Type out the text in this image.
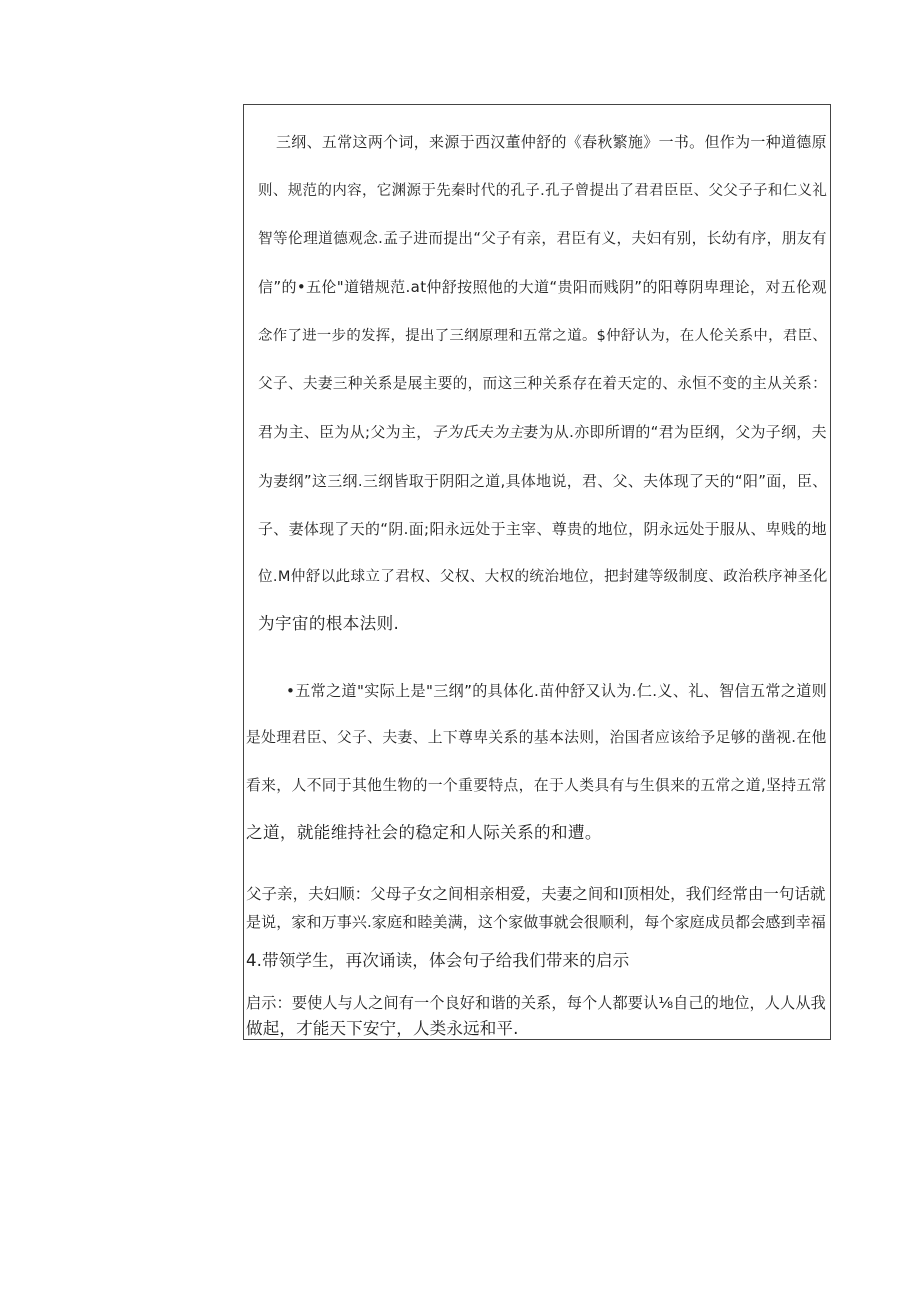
三纲、五常这两个词，来源于西汉董仲舒的《春秋繁施》一书。但作为一种道德原
则、规范的内容，它渊源于先秦时代的孔子.孔子曾提出了君君臣臣、父父子子和仁义礼
智等伦理道德观念.孟子进而提出“父子有亲，君臣有义，夫妇有别，长幼有序，朋友有
信”的•五伦"道错规范.at仲舒按照他的大道“贵阳而贱阴”的阳尊阴卑理论，对五伦观
念作了进一步的发挥，提出了三纲原理和五常之道。$仲舒认为，在人伦关系中，君臣、
父子、夫妻三种关系是展主要的，而这三种关系存在着天定的、永恒不变的主从关系：
君为主、臣为从;父为主，子为氏夫为主妻为从.亦即所谓的“君为臣纲，父为子纲，夫
为妻纲”这三纲.三纲皆取于阴阳之道,具体地说，君、父、夫体现了天的“阳”面，臣、
子、妻体现了天的“阴.面;阳永远处于主宰、尊贵的地位，阴永远处于服从、卑贱的地
位.M仲舒以此球立了君权、父权、大权的统治地位，把封建等级制度、政治秩序神圣化
为宇宙的根本法则.
•五常之道"实际上是"三纲”的具体化.苗仲舒又认为.仁.义、礼、智信五常之道则
是处理君臣、父子、夫妻、上下尊卑关系的基本法则，治国者应该给予足够的凿视.在他
看来，人不同于其他生物的一个重要特点，在于人类具有与生俱来的五常之道,坚持五常
之道，就能维持社会的稳定和人际关系的和遭。
父子亲，夫妇顺：父母子女之间相亲相爱，夫妻之间和I顶相处，我们经常由一句话就
是说，家和万事兴.家庭和睦美满，这个家做事就会很顺利，每个家庭成员都会感到幸福
4.带领学生，再次诵读，体会句子给我们带来的启示
启示：要使人与人之间有一个良好和谐的关系，每个人都要认⅛自己的地位，人人从我
做起，才能天下安宁，人类永远和平.
